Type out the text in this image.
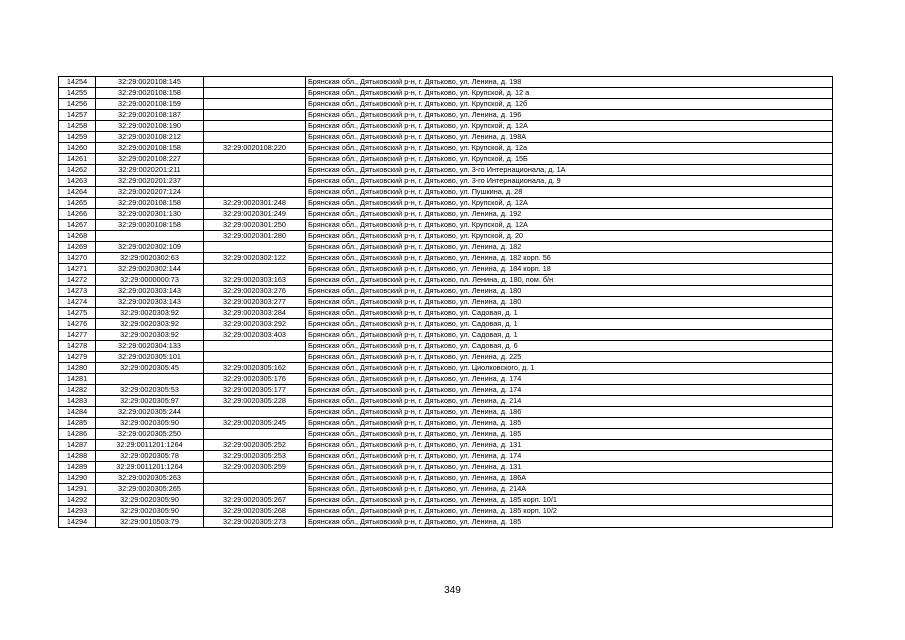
14254	32:29:0020108:145		Брянская обл., Дятьковский р-н, г. Дятьково, ул. Ленина, д. 198
14255	32:29:0020108:158		Брянская обл., Дятьковский р-н, г. Дятьково, ул. Крупской, д. 12 а
14256	32:29:0020108:159		Брянская обл., Дятьковский р-н, г. Дятьково, ул. Крупской, д. 12б
14257	32:29:0020108:187		Брянская обл., Дятьковский р-н, г. Дятьково, ул. Ленина, д. 196
14258	32:29:0020108:190		Брянская обл., Дятьковский р-н, г. Дятьково, ул. Крупской, д. 12А
14259	32:29:0020108:212		Брянская обл., Дятьковский р-н, г. Дятьково, ул. Ленина, д. 198А
14260	32:29:0020108:158	32:29:0020108:220	Брянская обл., Дятьковский р-н, г. Дятьково, ул. Крупской, д. 12а
14261	32:29:0020108:227		Брянская обл., Дятьковский р-н, г. Дятьково, ул. Крупской, д. 15Б
14262	32:29:0020201:211		Брянская обл., Дятьковский р-н, г. Дятьково, ул. 3-го Интернационала, д. 1А
14263	32:29:0020201:237		Брянская обл., Дятьковский р-н, г. Дятьково, ул. 3-го Интернационала, д. 9
14264	32:29:0020207:124		Брянская обл., Дятьковский р-н, г. Дятьково, ул. Пушкина, д. 28
14265	32:29:0020108:158	32:29:0020301:248	Брянская обл., Дятьковский р-н, г. Дятьково, ул. Крупской, д. 12А
14266	32:29:0020301:130	32:29:0020301:249	Брянская обл., Дятьковский р-н, г. Дятьково, ул. Ленина, д. 192
14267	32:29:0020108:158	32:29:0020301:250	Брянская обл., Дятьковский р-н, г. Дятьково, ул. Крупской, д. 12А
14268		32:29:0020301:280	Брянская обл., Дятьковский р-н, г. Дятьково, ул. Крупской, д. 20
14269	32:29:0020302:109		Брянская обл., Дятьковский р-н, г. Дятьково, ул. Ленина, д. 182
14270	32:29:0020302:63	32:29:0020302:122	Брянская обл., Дятьковский р-н, г. Дятьково, ул. Ленина, д. 182 корп. 56
14271	32:29:0020302:144		Брянская обл., Дятьковский р-н, г. Дятьково, ул. Ленина, д. 184 корп. 18
14272	32:29:0000000:73	32:29:0020303:163	Брянская обл., Дятьковский р-н, г. Дятьково, пл. Ленина, д. 180, пом. б/н
14273	32:29:0020303:143	32:29:0020303:276	Брянская обл., Дятьковский р-н, г. Дятьково, ул. Ленина, д. 180
14274	32:29:0020303:143	32:29:0020303:277	Брянская обл., Дятьковский р-н, г. Дятьково, ул. Ленина, д. 180
14275	32:29:0020303:92	32:29:0020303:284	Брянская обл., Дятьковский р-н, г. Дятьково, ул. Садовая, д. 1
14276	32:29:0020303:92	32:29:0020303:292	Брянская обл., Дятьковский р-н, г. Дятьково, ул. Садовая, д. 1
14277	32:29:0020303:92	32:29:0020303:403	Брянская обл., Дятьковский р-н, г. Дятьково, ул. Садовая, д. 1
14278	32:29:0020304:133		Брянская обл., Дятьковский р-н, г. Дятьково, ул. Садовая, д. 6
14279	32:29:0020305:101		Брянская обл., Дятьковский р-н, г. Дятьково, ул. Ленина, д. 225
14280	32:29:0020305:45	32:29:0020305:162	Брянская обл., Дятьковский р-н, г. Дятьково, ул. Циолковского, д. 1
14281		32:29:0020305:176	Брянская обл., Дятьковский р-н, г. Дятьково, ул. Ленина, д. 174
14282	32:29:0020305:53	32:29:0020305:177	Брянская обл., Дятьковский р-н, г. Дятьково, ул. Ленина, д. 174
14283	32:29:0020305:97	32:29:0020305:228	Брянская обл., Дятьковский р-н, г. Дятьково, ул. Ленина, д. 214
14284	32:29:0020305:244		Брянская обл., Дятьковский р-н, г. Дятьково, ул. Ленина, д. 186
14285	32:29:0020305:90	32:29:0020305:245	Брянская обл., Дятьковский р-н, г. Дятьково, ул. Ленина, д. 185
14286	32:29:0020305:250		Брянская обл., Дятьковский р-н, г. Дятьково, ул. Ленина, д. 185
14287	32:29:0011201:1264	32:29:0020305:252	Брянская обл., Дятьковский р-н, г. Дятьково, ул. Ленина, д. 131
14288	32:29:0020305:78	32:29:0020305:253	Брянская обл., Дятьковский р-н, г. Дятьково, ул. Ленина, д. 174
14289	32:29:0011201:1264	32:29:0020305:259	Брянская обл., Дятьковский р-н, г. Дятьково, ул. Ленина, д. 131
14290	32:29:0020305:263		Брянская обл., Дятьковский р-н, г. Дятьково, ул. Ленина, д. 186А
14291	32:29:0020305:265		Брянская обл., Дятьковский р-н, г. Дятьково, ул. Ленина, д. 214А
14292	32:29:0020305:90	32:29:0020305:267	Брянская обл., Дятьковский р-н, г. Дятьково, ул. Ленина, д. 185 корп. 10/1
14293	32:29:0020305:90	32:29:0020305:268	Брянская обл., Дятьковский р-н, г. Дятьково, ул. Ленина, д. 185 корп. 10/2
14294	32:29:0010503:79	32:29:0020305:273	Брянская обл., Дятьковский р-н, г. Дятьково, ул. Ленина, д. 185
349
